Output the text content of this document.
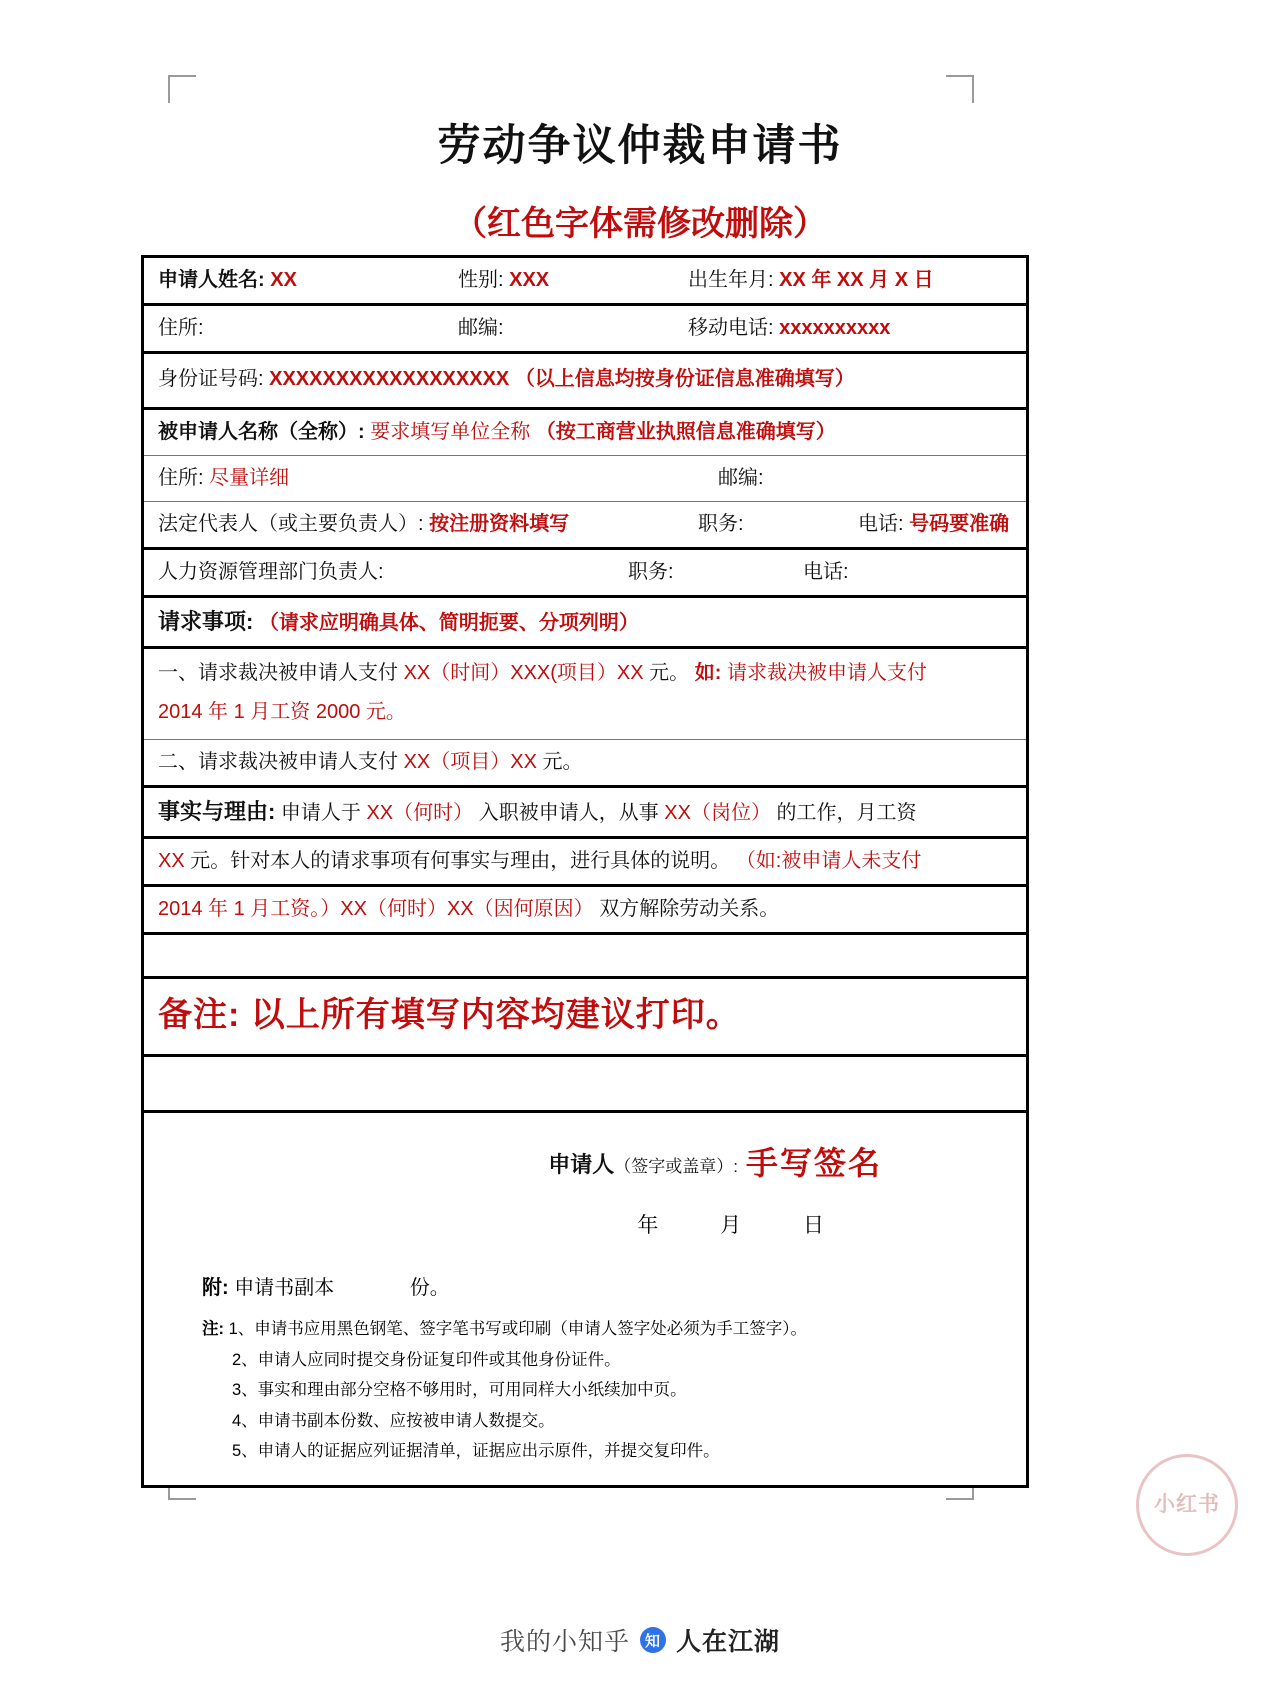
劳动争议仲裁申请书
（红色字体需修改删除）
申请人姓名: XX	性别: XXX	出生年月: XX 年 XX 月 X 日
住所:	邮编:	移动电话: xxxxxxxxxx
身份证号码: XXXXXXXXXXXXXXXXXX （以上信息均按身份证信息准确填写）
被申请人名称（全称）: 要求填写单位全称 （按工商营业执照信息准确填写）
住所: 尽量详细	邮编:
法定代表人（或主要负责人）: 按注册资料填写	职务:	电话: 号码要准确
人力资源管理部门负责人:	职务:	电话:
请求事项: （请求应明确具体、简明扼要、分项列明）
一、请求裁决被申请人支付 XX（时间）XXX(项目）XX 元。 如: 请求裁决被申请人支付
2014 年 1 月工资 2000 元。
二、请求裁决被申请人支付 XX（项目）XX 元。
事实与理由: 申请人于 XX（何时） 入职被申请人，从事 XX（岗位） 的工作，月工资
XX 元。针对本人的请求事项有何事实与理由，进行具体的说明。 （如:被申请人未支付
2014 年 1 月工资。）XX（何时）XX（因何原因） 双方解除劳动关系。
备注: 以上所有填写内容均建议打印。
申请人（签字或盖章）: 手写签名
年	月	日
附: 申请书副本	份。
注: 1、申请书应用黑色钢笔、签字笔书写或印刷（申请人签字处必须为手工签字）。
2、申请人应同时提交身份证复印件或其他身份证件。
3、事实和理由部分空格不够用时，可用同样大小纸续加中页。
4、申请书副本份数、应按被申请人数提交。
5、申请人的证据应列证据清单，证据应出示原件，并提交复印件。
小红书
我的小知乎 知 人在江湖
